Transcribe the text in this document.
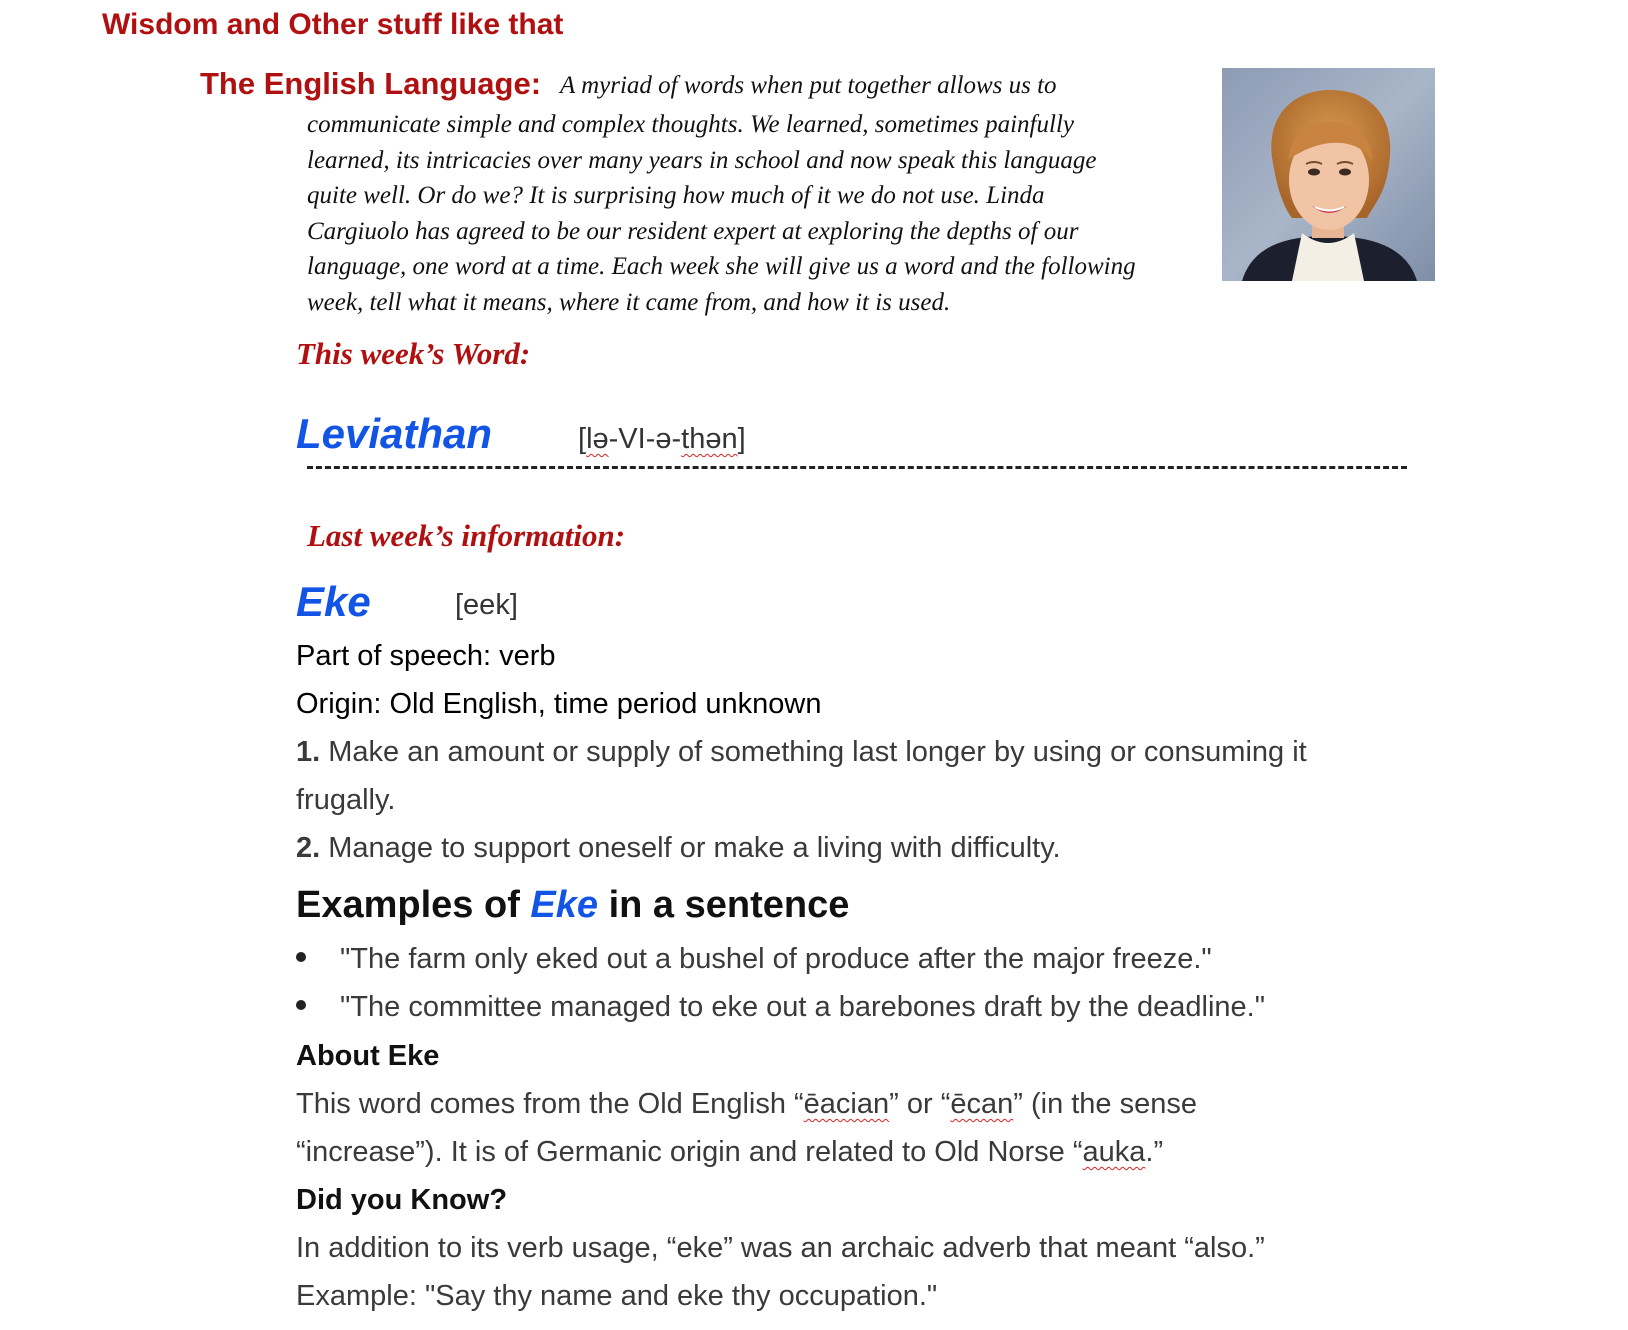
Wisdom and Other stuff like that
The English Language: A myriad of words when put together allows us to
communicate simple and complex thoughts. We learned, sometimes painfully
learned, its intricacies over many years in school and now speak this language
quite well. Or do we? It is surprising how much of it we do not use. Linda
Cargiuolo has agreed to be our resident expert at exploring the depths of our
language, one word at a time. Each week she will give us a word and the following
week, tell what it means, where it came from, and how it is used.
This week’s Word:
Leviathan	[lə-VI-ə-thən]
Last week’s information:
Eke	[eek]
Part of speech: verb
Origin: Old English, time period unknown
1. Make an amount or supply of something last longer by using or consuming it
frugally.
2. Manage to support oneself or make a living with difficulty.
Examples of Eke in a sentence
"The farm only eked out a bushel of produce after the major freeze."
"The committee managed to eke out a barebones draft by the deadline."
About Eke
This word comes from the Old English “ēacian” or “ēcan” (in the sense
“increase”). It is of Germanic origin and related to Old Norse “auka.”
Did you Know?
In addition to its verb usage, “eke” was an archaic adverb that meant “also.”
Example: "Say thy name and eke thy occupation."
